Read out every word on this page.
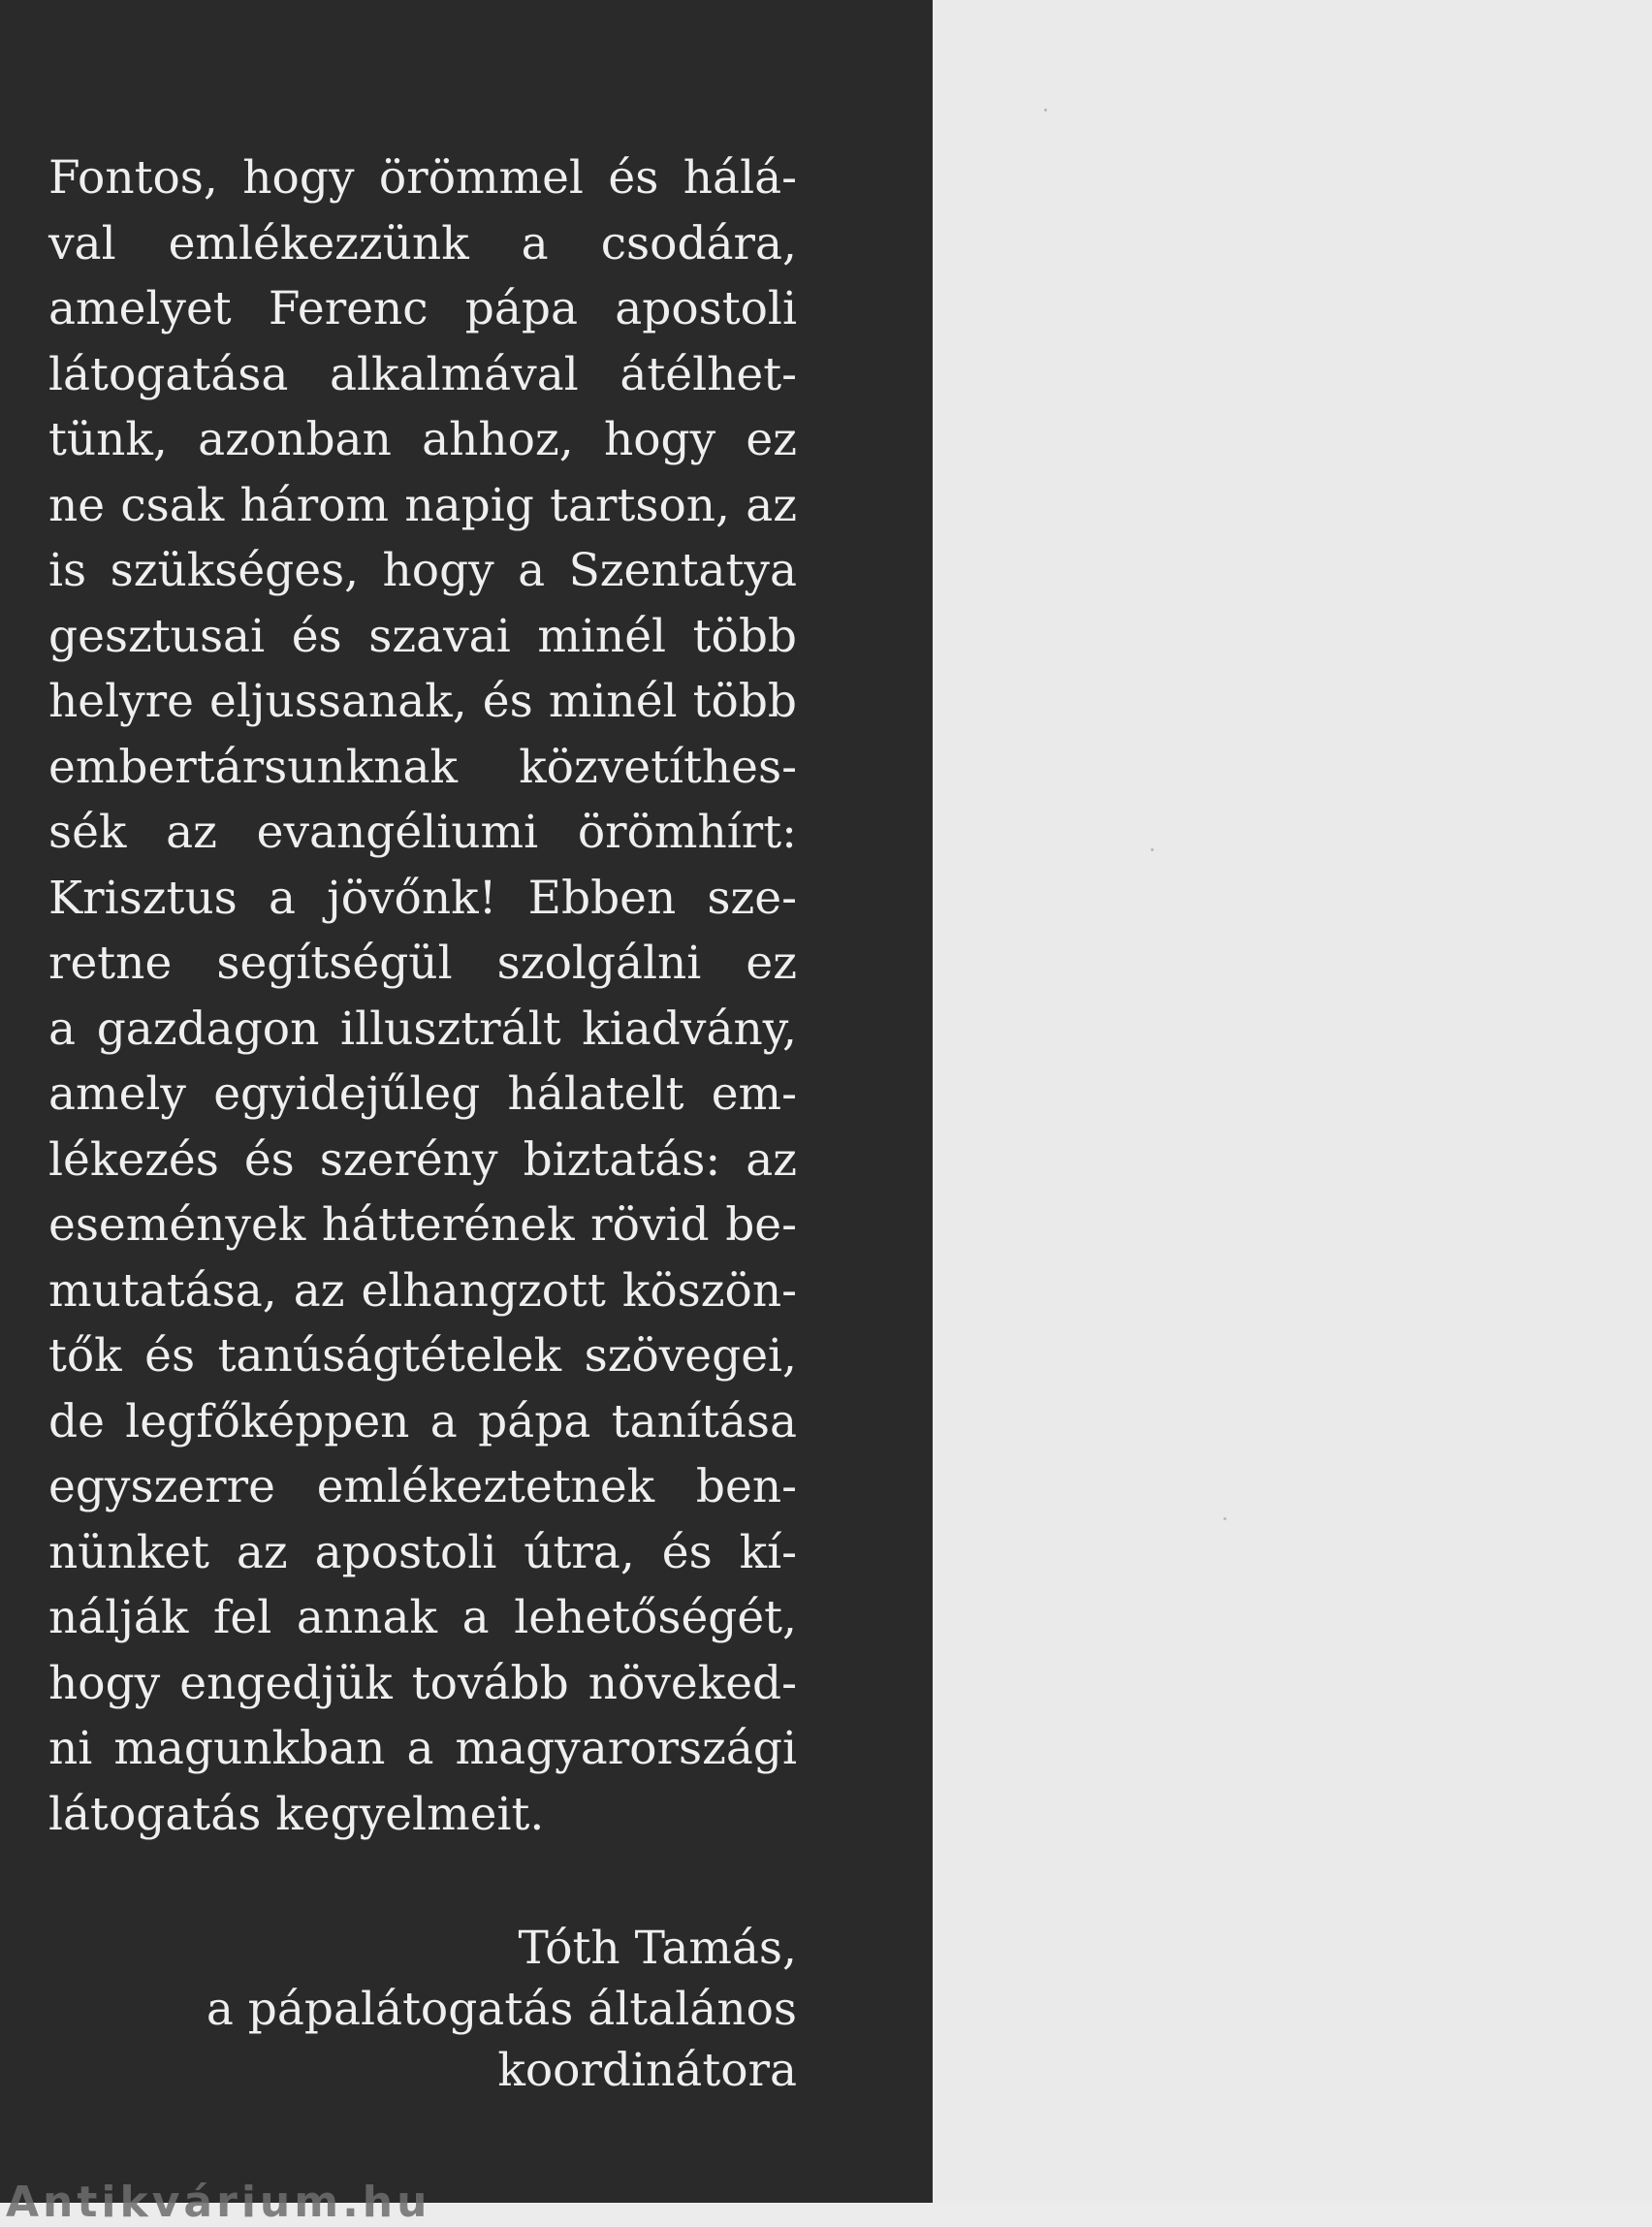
Fontos, hogy örömmel és hálá-
val emlékezzünk a csodára,
amelyet Ferenc pápa apostoli
látogatása alkalmával átélhet-
tünk, azonban ahhoz, hogy ez
ne csak három napig tartson, az
is szükséges, hogy a Szentatya
gesztusai és szavai minél több
helyre eljussanak, és minél több
embertársunknak közvetíthes-
sék az evangéliumi örömhírt:
Krisztus a jövőnk! Ebben sze-
retne segítségül szolgálni ez
a gazdagon illusztrált kiadvány,
amely egyidejűleg hálatelt em-
lékezés és szerény biztatás: az
események hátterének rövid be-
mutatása, az elhangzott köszön-
tők és tanúságtételek szövegei,
de legfőképpen a pápa tanítása
egyszerre emlékeztetnek ben-
nünket az apostoli útra, és kí-
nálják fel annak a lehetőségét,
hogy engedjük tovább növeked-
ni magunkban a magyarországi
látogatás kegyelmeit.
Tóth Tamás,
a pápalátogatás általános
koordinátora
Antikvárium.hu
